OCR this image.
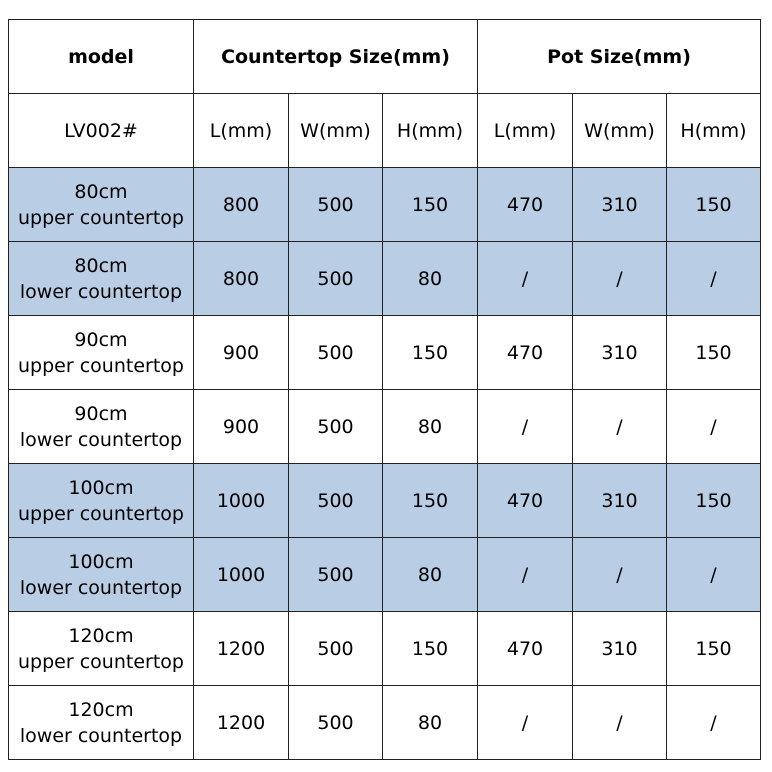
model	Countertop Size(mm)			Pot Size(mm)		
LV002#	L(mm)	W(mm)	H(mm)	L(mm)	W(mm)	H(mm)

80cm
upper countertop	800	500	150	470	310	150

80cm
lower countertop	800	500	80	/	/	/

90cm
upper countertop	900	500	150	470	310	150

90cm
lower countertop	900	500	80	/	/	/

100cm
upper countertop	1000	500	150	470	310	150

100cm
lower countertop	1000	500	80	/	/	/

120cm
upper countertop	1200	500	150	470	310	150

120cm
lower countertop	1200	500	80	/	/	/
